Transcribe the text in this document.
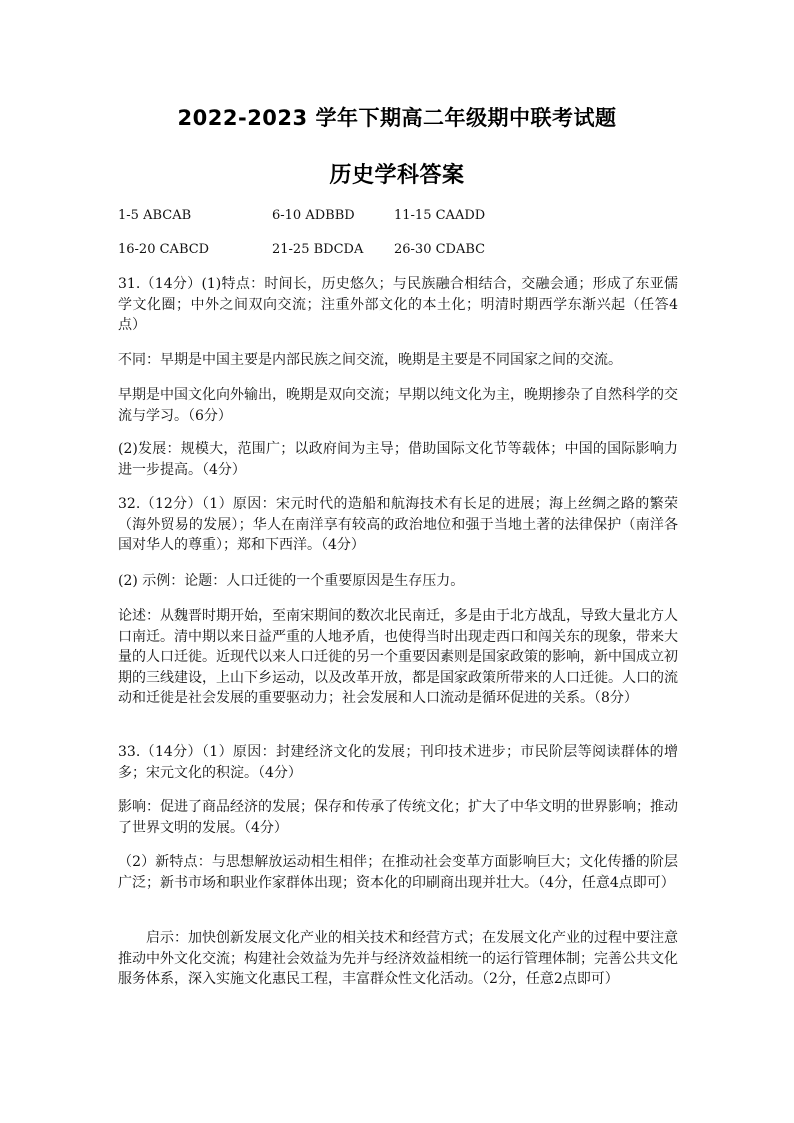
2022-2023 学年下期高二年级期中联考试题
历史学科答案
1-5 ABCAB	6-10 ADBBD	11-15 CAADD
16-20 CABCD	21-25 BDCDA 26-30 CDABC
31.（14分）(1)特点：时间长，历史悠久；与民族融合相结合，交融会通；形成了东亚儒学文化圈；中外之间双向交流；注重外部文化的本土化；明清时期西学东渐兴起（任答4点）
不同：早期是中国主要是内部民族之间交流，晚期是主要是不同国家之间的交流。
早期是中国文化向外输出，晚期是双向交流；早期以纯文化为主，晚期掺杂了自然科学的交流与学习。（6分）
(2)发展：规模大，范围广；以政府间为主导；借助国际文化节等载体；中国的国际影响力进一步提高。（4分）
32.（12分）（1）原因：宋元时代的造船和航海技术有长足的进展；海上丝绸之路的繁荣（海外贸易的发展）；华人在南洋享有较高的政治地位和强于当地土著的法律保护（南洋各国对华人的尊重）；郑和下西洋。（4分）
(2) 示例：论题：人口迁徙的一个重要原因是生存压力。
论述：从魏晋时期开始，至南宋期间的数次北民南迁，多是由于北方战乱，导致大量北方人口南迁。清中期以来日益严重的人地矛盾，也使得当时出现走西口和闯关东的现象，带来大量的人口迁徙。近现代以来人口迁徙的另一个重要因素则是国家政策的影响，新中国成立初期的三线建设，上山下乡运动，以及改革开放，都是国家政策所带来的人口迁徙。人口的流动和迁徙是社会发展的重要驱动力；社会发展和人口流动是循环促进的关系。（8分）
33.（14分）（1）原因：封建经济文化的发展；刊印技术进步；市民阶层等阅读群体的增多；宋元文化的积淀。（4分）
影响：促进了商品经济的发展；保存和传承了传统文化；扩大了中华文明的世界影响；推动了世界文明的发展。（4分）
（2）新特点：与思想解放运动相生相伴；在推动社会变革方面影响巨大；文化传播的阶层广泛；新书市场和职业作家群体出现；资本化的印刷商出现并壮大。（4分，任意4点即可）
　　启示：加快创新发展文化产业的相关技术和经营方式；在发展文化产业的过程中要注意推动中外文化交流；构建社会效益为先并与经济效益相统一的运行管理体制；完善公共文化服务体系，深入实施文化惠民工程，丰富群众性文化活动。（2分，任意2点即可）
